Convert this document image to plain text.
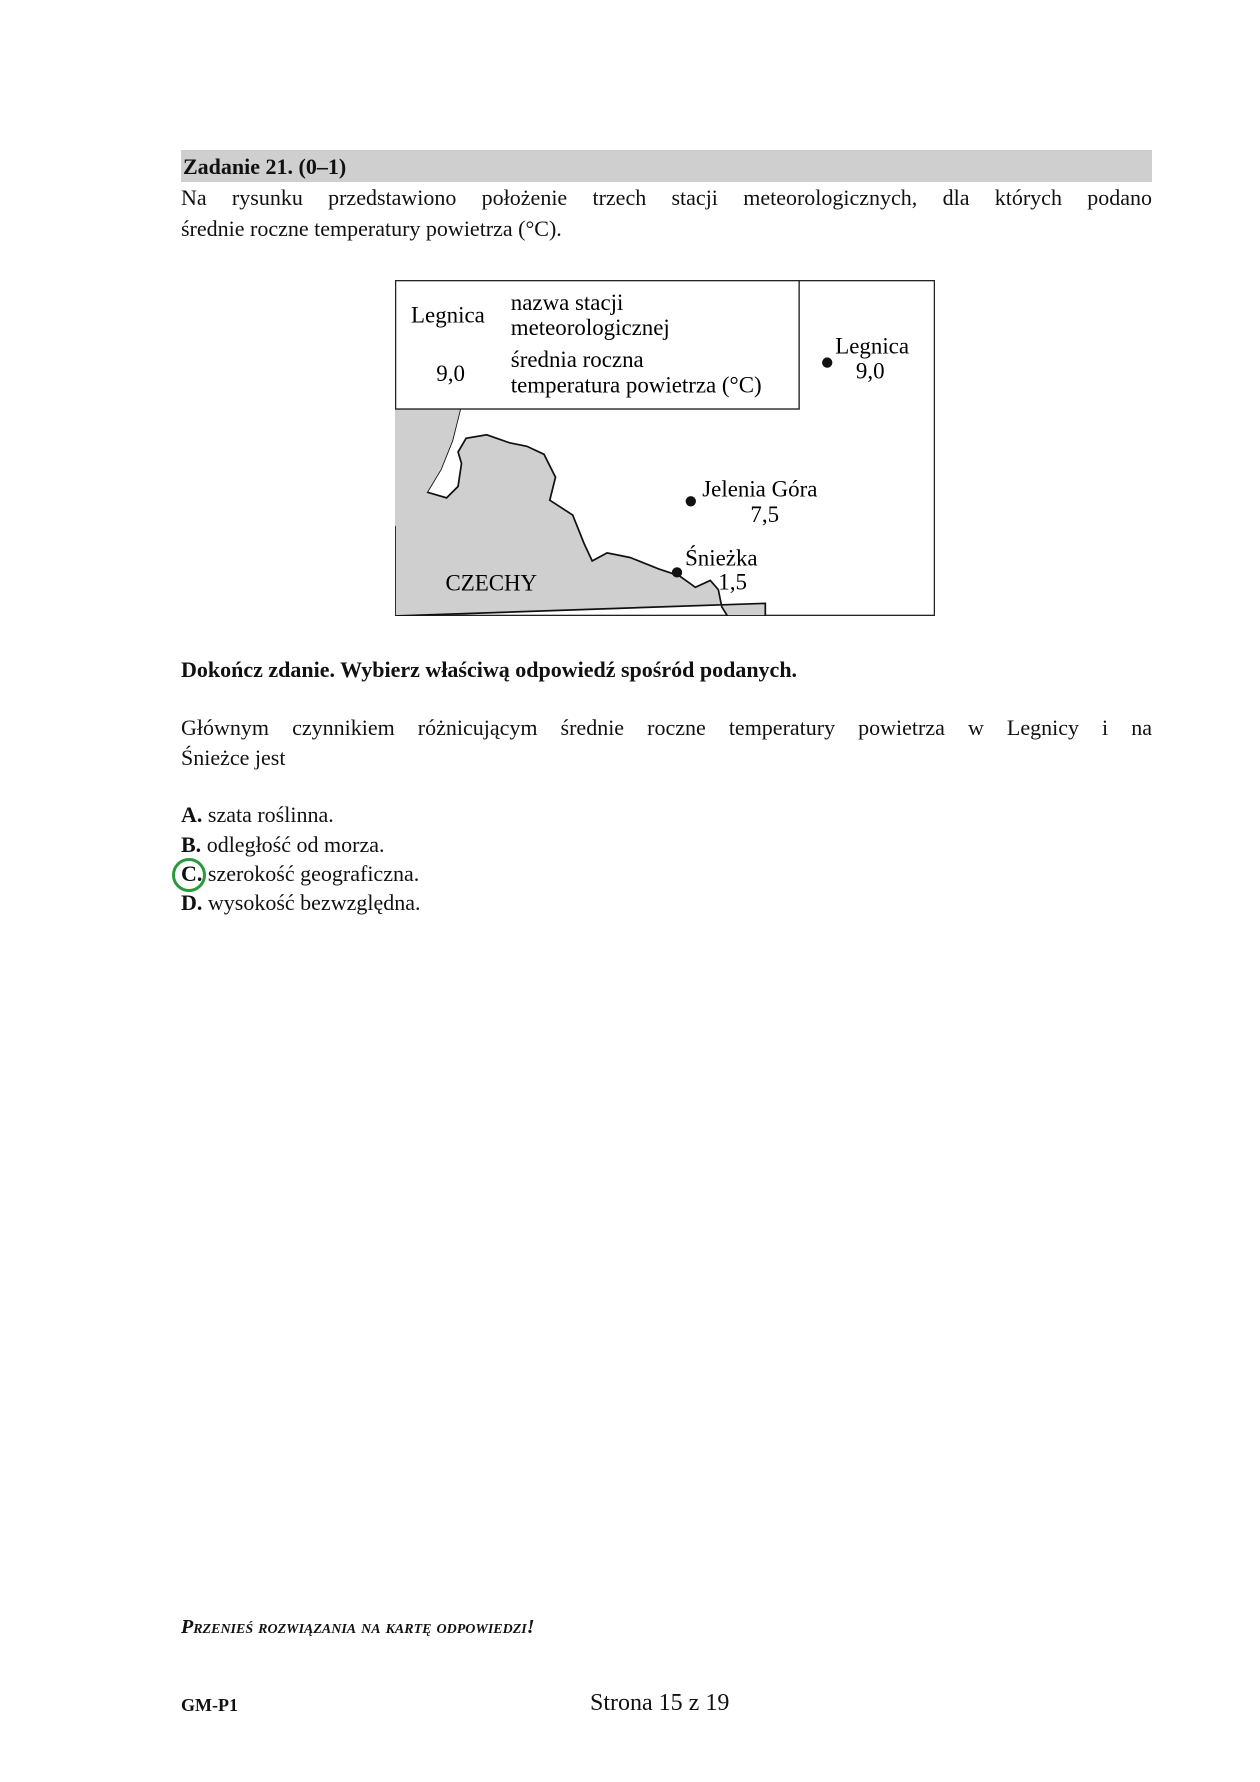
Zadanie 21. (0–1)
Na rysunku przedstawiono położenie trzech stacji meteorologicznych, dla których podano
średnie roczne temperatury powietrza (°C).
Legnica
9,0
nazwa stacji
meteorologicznej
średnia roczna
temperatura powietrza (°C)
Legnica
9,0
Jelenia Góra
7,5
Śnieżka
1,5
CZECHY
Dokończ zdanie. Wybierz właściwą odpowiedź spośród podanych.
Głównym czynnikiem różnicującym średnie roczne temperatury powietrza w Legnicy i na
Śnieżce jest
A. szata roślinna.
B. odległość od morza.
C. szerokość geograficzna.
D. wysokość bezwzględna.
Przenieś rozwiązania na kartę odpowiedzi!
GM-P1	Strona 15 z 19
